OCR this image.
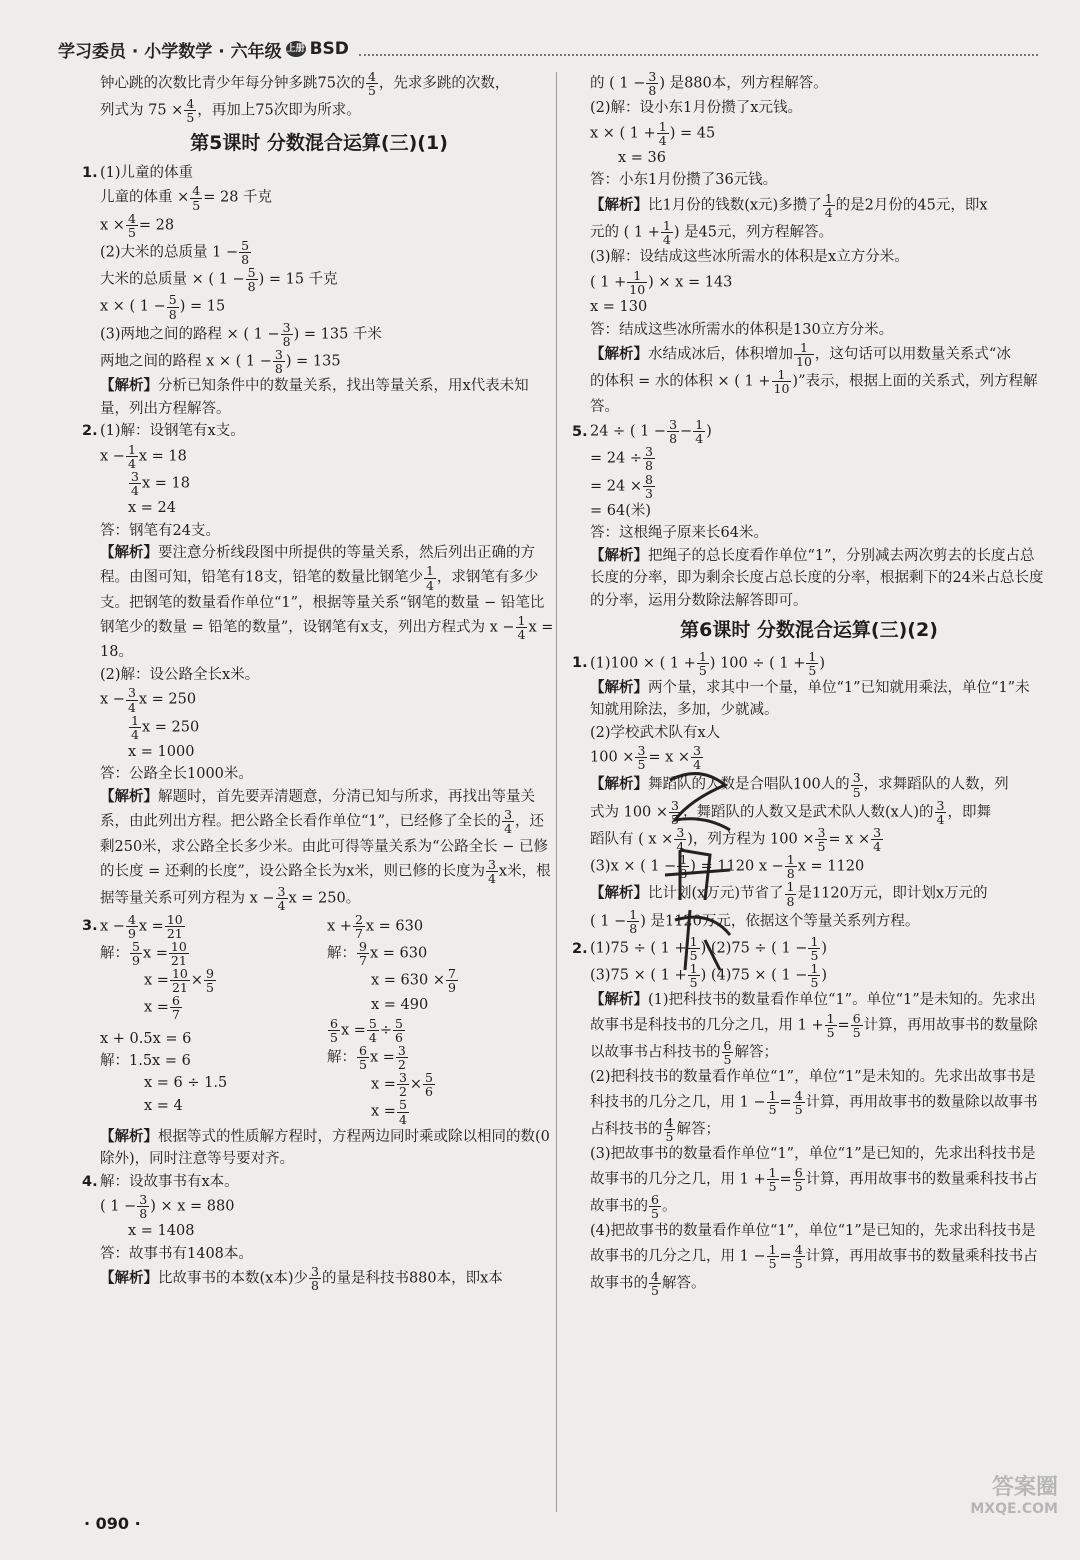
学习委员 · 小学数学 · 六年级 上册 BSD

钟心跳的次数比青少年每分钟多跳75次的 $\frac{4}{5}$ ，先求多跳的次数，

列式为 $75 \times \frac{4}{5}$ ，再加上75次即为所求。

第5课时 分数混合运算(三)(1)

1. (1)儿童的体重

儿童的体重 × $\frac{4}{5} = 28$ 千克

$x \times \frac{4}{5} = 28$

(2)大米的总质量 $1 - \frac{5}{8}$

大米的总质量 × ( $1 - \frac{5}{8}$ ) = 15 千克

x × ( $1 - \frac{5}{8}$ ) = 15

(3)两地之间的路程 × ( $1 - \frac{3}{8}$ ) = 135 千米

两地之间的路程 x × ( $1 - \frac{3}{8}$ ) = 135

【解析】分析已知条件中的数量关系，找出等量关系，用x代表未知量，列出方程解答。

2. (1)解：设钢笔有x支。

$x - \frac{1}{4}$ x = 18

$\frac{3}{4}$ x = 18

x = 24

答：钢笔有24支。

【解析】要注意分析线段图中所提供的等量关系，然后列出正确的方程。由图可知，铅笔有18支，铅笔的数量比钢笔少 $\frac{1}{4}$ ，求钢笔有多少支。把钢笔的数量看作单位“1”，根据等量关系“钢笔的数量 − 铅笔比钢笔少的数量 = 铅笔的数量”，设钢笔有x支，列出方程式为 $x - \frac{1}{4}$ x = 18。

(2)解：设公路全长x米。

$x - \frac{3}{4}$ x = 250

$\frac{1}{4}$ x = 250

x = 1000

答：公路全长1000米。

【解析】解题时，首先要弄清题意，分清已知与所求，再找出等量关系，由此列出方程。把公路全长看作单位“1”，已经修了全长的 $\frac{3}{4}$ ，还剩250米，求公路全长多少米。由此可得等量关系为“公路全长 − 已修的长度 = 还剩的长度”，设公路全长为x米，则已修的长度为 $\frac{3}{4}$ x米，根据等量关系可列方程为 $x - \frac{3}{4}$ x = 250。

3. $x - \frac{4}{9}$ $x = \frac{10}{21}$

解： $\frac{5}{9}$ $x = \frac{10}{21}$

$x = \frac{10}{21} \times \frac{9}{5}$

$x = \frac{6}{7}$

x + 0.5x = 6

解：1.5x = 6

x = 6 ÷ 1.5

x = 4

$x + \frac{2}{7}$ x = 630

解： $\frac{9}{7}$ x = 630

$x = 630 \times \frac{7}{9}$

x = 490

$\frac{6}{5}$ $x = \frac{5}{4} \div \frac{5}{6}$

解： $\frac{6}{5}$ $x = \frac{3}{2}$

$x = \frac{3}{2} \times \frac{5}{6}$

$x = \frac{5}{4}$

【解析】根据等式的性质解方程时，方程两边同时乘或除以相同的数(0除外)，同时注意等号要对齐。

4. 解：设故事书有x本。

( $1 - \frac{3}{8}$ ) × x = 880

x = 1408

答：故事书有1408本。

【解析】比故事书的本数(x本)少 $\frac{3}{8}$ 的量是科技书880本，即x本

的 ( $1 - \frac{3}{8}$ ) 是880本，列方程解答。

(2)解：设小东1月份攒了x元钱。

x × ( $1 + \frac{1}{4}$ ) = 45

x = 36

答：小东1月份攒了36元钱。

【解析】比1月份的钱数(x元)多攒了 $\frac{1}{4}$ 的是2月份的45元，即x

元的 ( $1 + \frac{1}{4}$ ) 是45元，列方程解答。

(3)解：设结成这些冰所需水的体积是x立方分米。

( $1 + \frac{1}{10}$ ) × x = 143

x = 130

答：结成这些冰所需水的体积是130立方分米。

【解析】水结成冰后，体积增加 $\frac{1}{10}$ ，这句话可以用数量关系式“冰

的体积 = 水的体积 × ( $1 + \frac{1}{10}$ )”表示，根据上面的关系式，列方程解答。

5. 24 ÷ ( $1 - \frac{3}{8} - \frac{1}{4}$ )

= $24 \div \frac{3}{8}$

= $24 \times \frac{8}{3}$

= 64(米)

答：这根绳子原来长64米。

【解析】把绳子的总长度看作单位“1”，分别减去两次剪去的长度占总长度的分率，即为剩余长度占总长度的分率，根据剩下的24米占总长度的分率，运用分数除法解答即可。

第6课时 分数混合运算(三)(2)

1. (1)100 × ( $1 + \frac{1}{5}$ ) 100 ÷ ( $1 + \frac{1}{5}$ )

【解析】两个量，求其中一个量，单位“1”已知就用乘法，单位“1”未知就用除法，多加，少就减。

(2)学校武术队有x人

$100 \times \frac{3}{5} = x \times \frac{3}{4}$

【解析】舞蹈队的人数是合唱队100人的 $\frac{3}{5}$ ，求舞蹈队的人数，列

式为 $100 \times \frac{3}{5}$ ；舞蹈队的人数又是武术队人数(x人)的 $\frac{3}{4}$ ，即舞

蹈队有 ( $x \times \frac{3}{4}$ )，列方程为 $100 \times \frac{3}{5} = x \times \frac{3}{4}$

(3)x × ( $1 - \frac{1}{8}$ ) = 1120 $x - \frac{1}{8}$ x = 1120

【解析】比计划(x万元)节省了 $\frac{1}{8}$ 是1120万元，即计划x万元的

( $1 - \frac{1}{8}$ ) 是1120万元，依据这个等量关系列方程。

2. (1)75 ÷ ( $1 + \frac{1}{5}$ ) (2)75 ÷ ( $1 - \frac{1}{5}$ )

(3)75 × ( $1 + \frac{1}{5}$ ) (4)75 × ( $1 - \frac{1}{5}$ )

【解析】(1)把科技书的数量看作单位“1”。单位“1”是未知的。先求出故事书是科技书的几分之几，用 $1 + \frac{1}{5} = \frac{6}{5}$ 计算，再用故事书的数量除以故事书占科技书的 $\frac{6}{5}$ 解答；

(2)把科技书的数量看作单位“1”，单位“1”是未知的。先求出故事书是科技书的几分之几，用 $1 - \frac{1}{5} = \frac{4}{5}$ 计算，再用故事书的数量除以故事书占科技书的 $\frac{4}{5}$ 解答；

(3)把故事书的数量看作单位“1”，单位“1”是已知的，先求出科技书是故事书的几分之几，用 $1 + \frac{1}{5} = \frac{6}{5}$ 计算，再用故事书的数量乘科技书占故事书的 $\frac{6}{5}$ 。

(4)把故事书的数量看作单位“1”，单位“1”是已知的，先求出科技书是故事书的几分之几，用 $1 - \frac{1}{5} = \frac{4}{5}$ 计算，再用故事书的数量乘科技书占故事书的 $\frac{4}{5}$ 解答。

· 090 ·
答案圈
MXQE.COM
